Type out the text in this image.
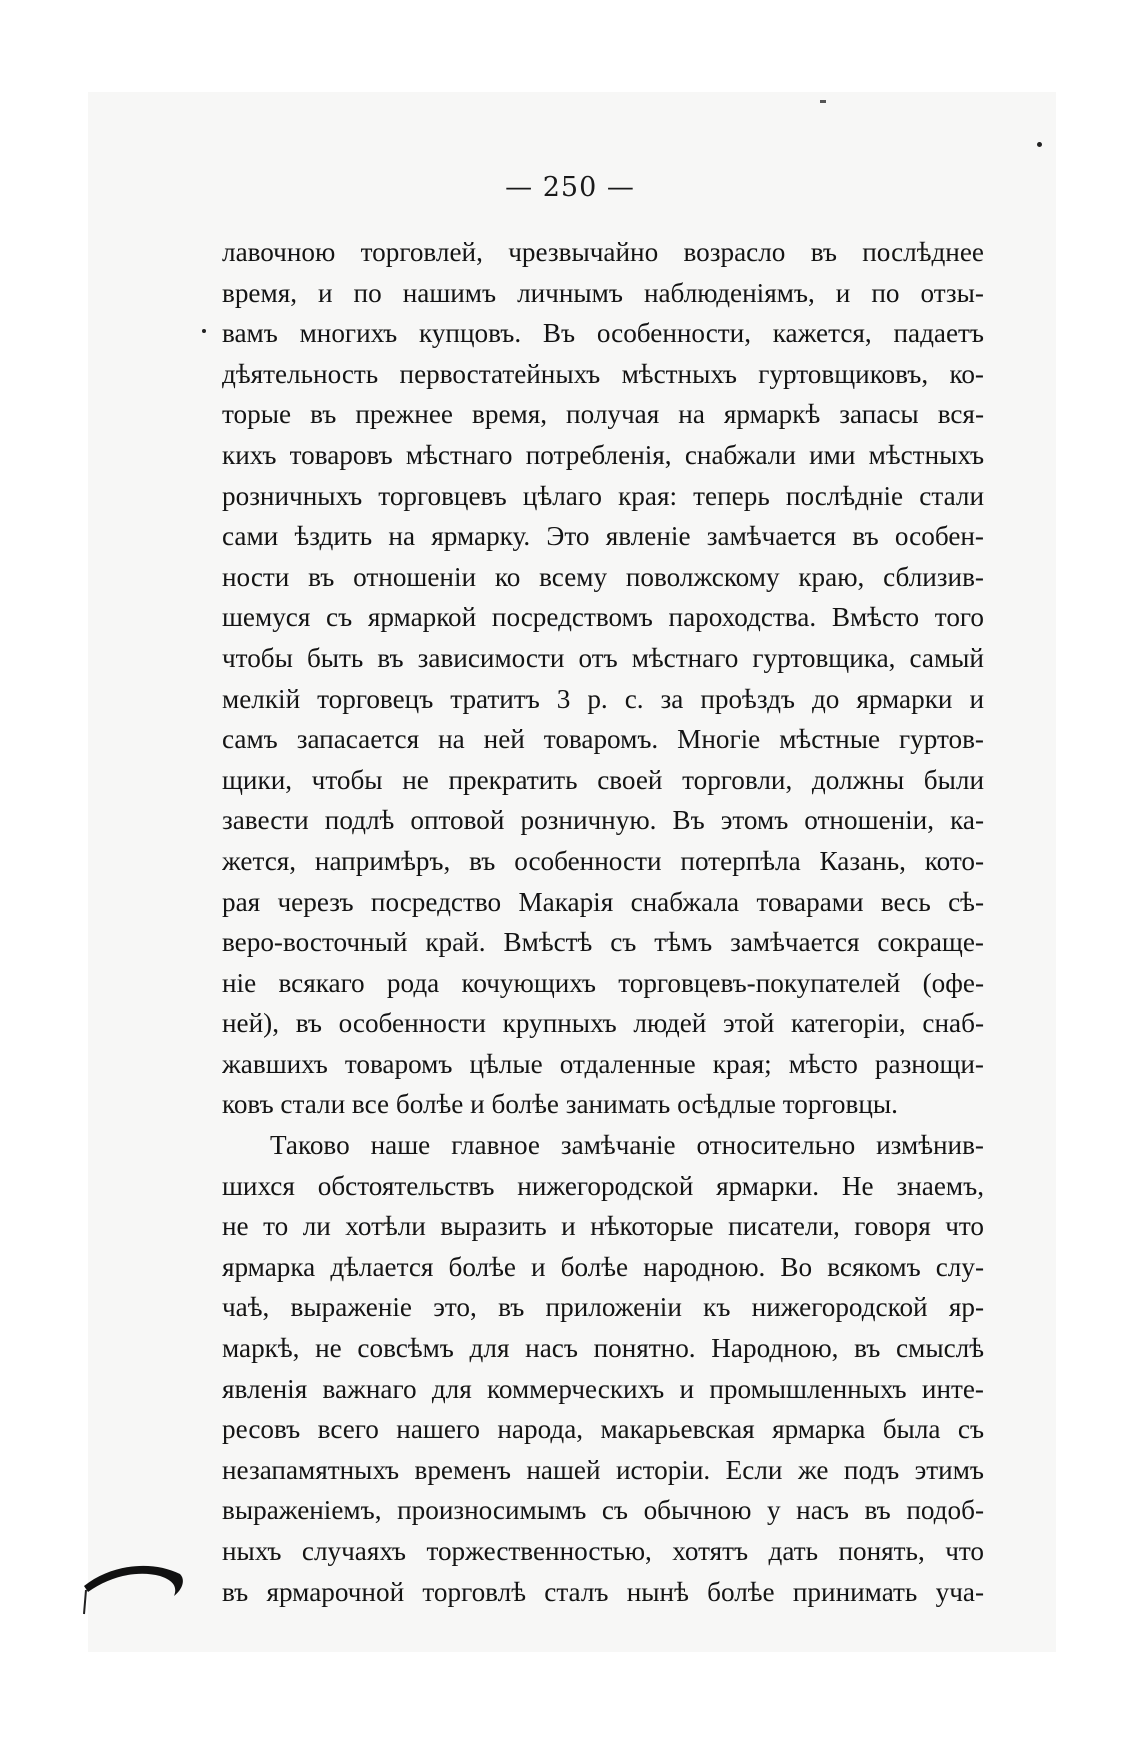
— 250 —
лавочною торговлей, чрезвычайно возрасло въ послѣднее
время, и по нашимъ личнымъ наблюденіямъ, и по отзы-
вамъ многихъ купцовъ. Въ особенности, кажется, падаетъ
дѣятельность первостатейныхъ мѣстныхъ гуртовщиковъ, ко-
торые въ прежнее время, получая на ярмаркѣ запасы вся-
кихъ товаровъ мѣстнаго потребленія, снабжали ими мѣстныхъ
розничныхъ торговцевъ цѣлаго края: теперь послѣдніе стали
сами ѣздить на ярмарку. Это явленіе замѣчается въ особен-
ности въ отношеніи ко всему поволжскому краю, сблизив-
шемуся съ ярмаркой посредствомъ пароходства. Вмѣсто того
чтобы быть въ зависимости отъ мѣстнаго гуртовщика, самый
мелкій торговецъ тратитъ 3 р. с. за проѣздъ до ярмарки и
самъ запасается на ней товаромъ. Многіе мѣстные гуртов-
щики, чтобы не прекратить своей торговли, должны были
завести подлѣ оптовой розничную. Въ этомъ отношеніи, ка-
жется, напримѣръ, въ особенности потерпѣла Казань, кото-
рая черезъ посредство Макарія снабжала товарами весь сѣ-
веро-восточный край. Вмѣстѣ съ тѣмъ замѣчается сокраще-
ніе всякаго рода кочующихъ торговцевъ-покупателей (офе-
ней), въ особенности крупныхъ людей этой категоріи, снаб-
жавшихъ товаромъ цѣлые отдаленные края; мѣсто разнощи-
ковъ стали все болѣе и болѣе занимать осѣдлые торговцы.
Таково наше главное замѣчаніе относительно измѣнив-
шихся обстоятельствъ нижегородской ярмарки. Не знаемъ,
не то ли хотѣли выразить и нѣкоторые писатели, говоря что
ярмарка дѣлается болѣе и болѣе народною. Во всякомъ слу-
чаѣ, выраженіе это, въ приложеніи къ нижегородской яр-
маркѣ, не совсѣмъ для насъ понятно. Народною, въ смыслѣ
явленія важнаго для коммерческихъ и промышленныхъ инте-
ресовъ всего нашего народа, макарьевская ярмарка была съ
незапамятныхъ временъ нашей исторіи. Если же подъ этимъ
выраженіемъ, произносимымъ съ обычною у насъ въ подоб-
ныхъ случаяхъ торжественностью, хотятъ дать понять, что
въ ярмарочной торговлѣ сталъ нынѣ болѣе принимать уча-
